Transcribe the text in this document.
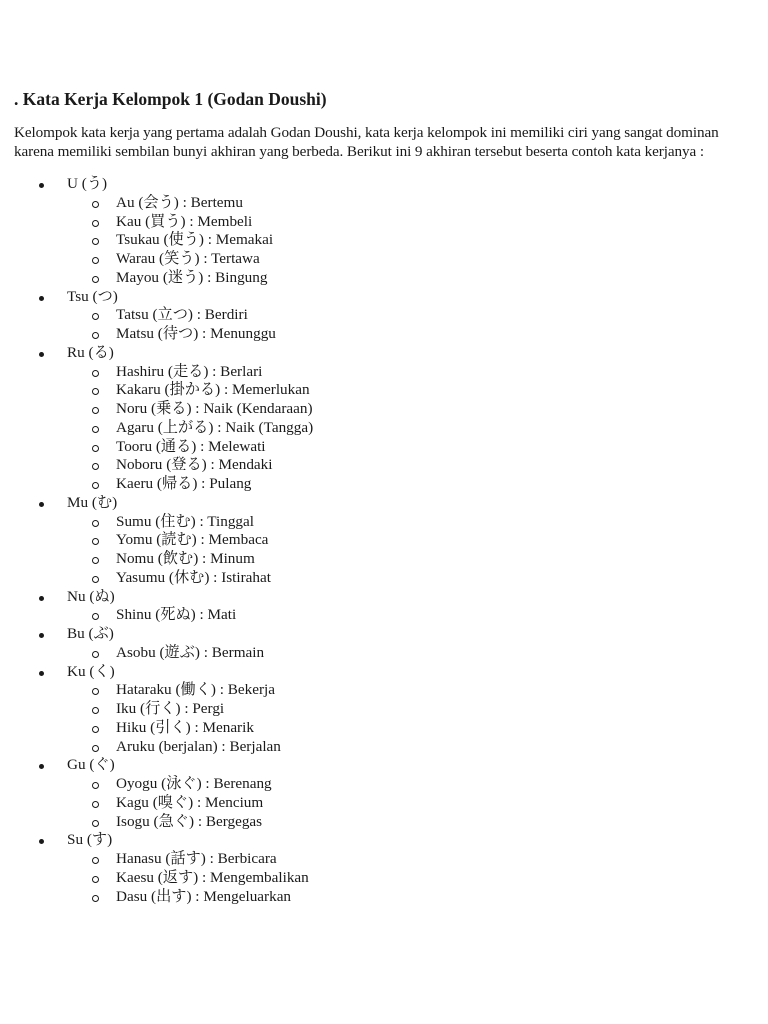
. Kata Kerja Kelompok 1 (Godan Doushi)

Kelompok kata kerja yang pertama adalah Godan Doushi, kata kerja kelompok ini memiliki ciri yang sangat dominan karena memiliki sembilan bunyi akhiran yang berbeda. Berikut ini 9 akhiran tersebut beserta contoh kata kerjanya :

U (う)
Au (会う) : Bertemu
Kau (買う) : Membeli
Tsukau (使う) : Memakai
Warau (笑う) : Tertawa
Mayou (迷う) : Bingung
Tsu (つ)
Tatsu (立つ) : Berdiri
Matsu (待つ) : Menunggu
Ru (る)
Hashiru (走る) : Berlari
Kakaru (掛かる) : Memerlukan
Noru (乗る) : Naik (Kendaraan)
Agaru (上がる) : Naik (Tangga)
Tooru (通る) : Melewati
Noboru (登る) : Mendaki
Kaeru (帰る) : Pulang
Mu (む)
Sumu (住む) : Tinggal
Yomu (読む) : Membaca
Nomu (飲む) : Minum
Yasumu (休む) : Istirahat
Nu (ぬ)
Shinu (死ぬ) : Mati
Bu (ぶ)
Asobu (遊ぶ) : Bermain
Ku (く)
Hataraku (働く) : Bekerja
Iku (行く) : Pergi
Hiku (引く) : Menarik
Aruku (berjalan) : Berjalan
Gu (ぐ)
Oyogu (泳ぐ) : Berenang
Kagu (嗅ぐ) : Mencium
Isogu (急ぐ) : Bergegas
Su (す)
Hanasu (話す) : Berbicara
Kaesu (返す) : Mengembalikan
Dasu (出す) : Mengeluarkan
